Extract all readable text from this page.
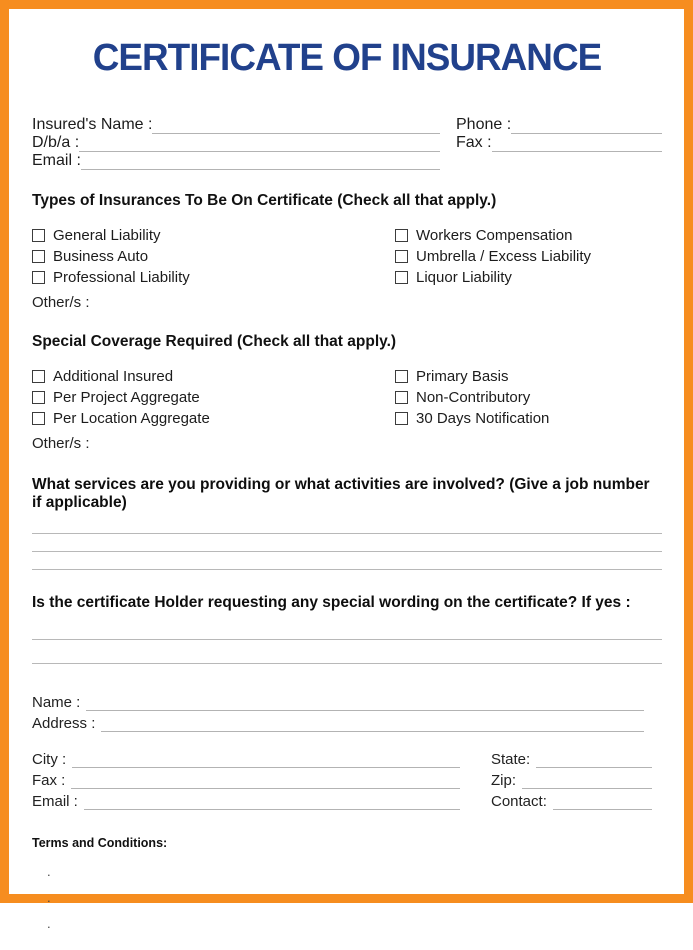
CERTIFICATE OF INSURANCE
Insured's Name :	Phone :
D/b/a :	Fax :
Email :
Types of Insurances To Be On Certificate (Check all that apply.)
General Liability
Business Auto
Professional Liability
Workers Compensation
Umbrella / Excess Liability
Liquor Liability
Other/s :
Special Coverage Required (Check all that apply.)
Additional Insured
Per Project Aggregate
Per Location Aggregate
Primary Basis
Non-Contributory
30 Days Notification
Other/s :
What services are you providing or what activities are involved? (Give a job number if applicable)
Is the certificate Holder requesting any special wording on the certificate? If yes :
Name :
Address :
City :	State:
Fax :	Zip:
Email :	Contact:
Terms and Conditions:
.
.
.
